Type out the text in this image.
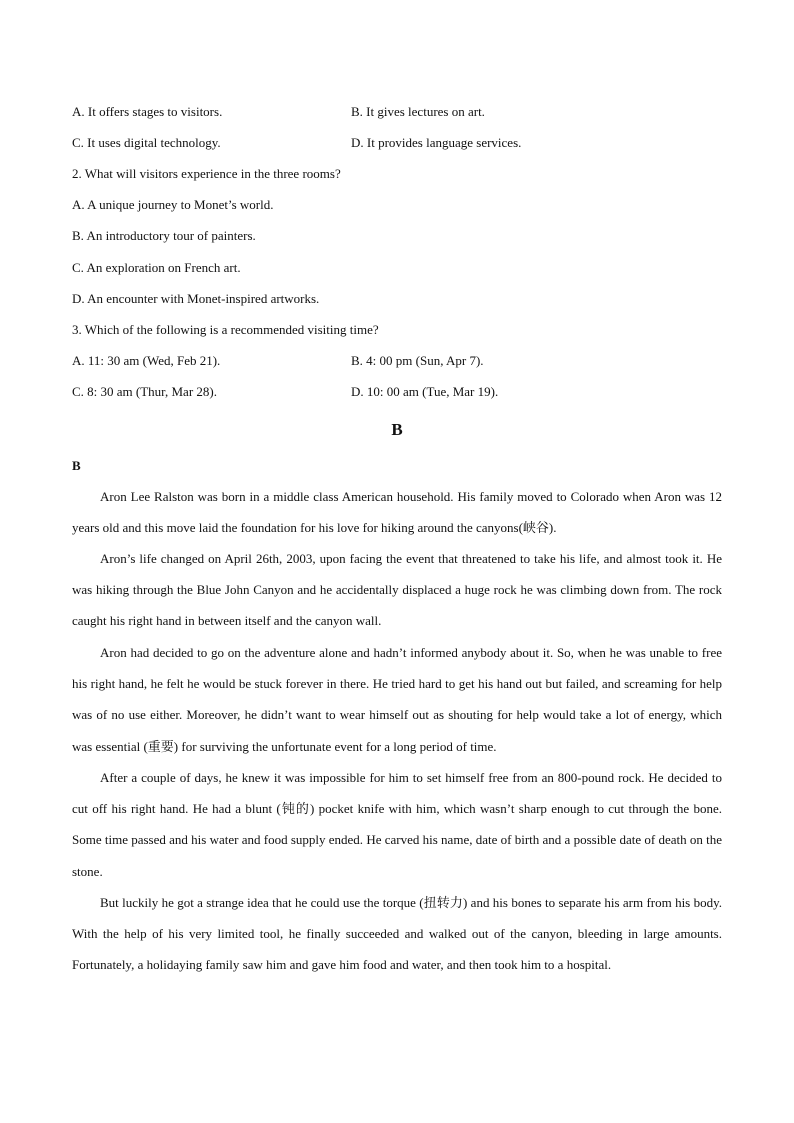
A. It offers stages to visitors.	B. It gives lectures on art.
C. It uses digital technology.	D. It provides language services.
2. What will visitors experience in the three rooms?
A. A unique journey to Monet’s world.
B. An introductory tour of painters.
C. An exploration on French art.
D. An encounter with Monet-inspired artworks.
3. Which of the following is a recommended visiting time?
A. 11: 30 am (Wed, Feb 21).	B. 4: 00 pm (Sun, Apr 7).
C. 8: 30 am (Thur, Mar 28).	D. 10: 00 am (Tue, Mar 19).
B
B
Aron Lee Ralston was born in a middle class American household. His family moved to Colorado when Aron was 12 years old and this move laid the foundation for his love for hiking around the canyons(峡谷).
Aron’s life changed on April 26th, 2003, upon facing the event that threatened to take his life, and almost took it. He was hiking through the Blue John Canyon and he accidentally displaced a huge rock he was climbing down from. The rock caught his right hand in between itself and the canyon wall.
Aron had decided to go on the adventure alone and hadn’t informed anybody about it. So, when he was unable to free his right hand, he felt he would be stuck forever in there. He tried hard to get his hand out but failed, and screaming for help was of no use either. Moreover, he didn’t want to wear himself out as shouting for help would take a lot of energy, which was essential (重要) for surviving the unfortunate event for a long period of time.
After a couple of days, he knew it was impossible for him to set himself free from an 800-pound rock. He decided to cut off his right hand. He had a blunt (钝的) pocket knife with him, which wasn’t sharp enough to cut through the bone. Some time passed and his water and food supply ended. He carved his name, date of birth and a possible date of death on the stone.
But luckily he got a strange idea that he could use the torque (扭转力) and his bones to separate his arm from his body. With the help of his very limited tool, he finally succeeded and walked out of the canyon, bleeding in large amounts. Fortunately, a holidaying family saw him and gave him food and water, and then took him to a hospital.
